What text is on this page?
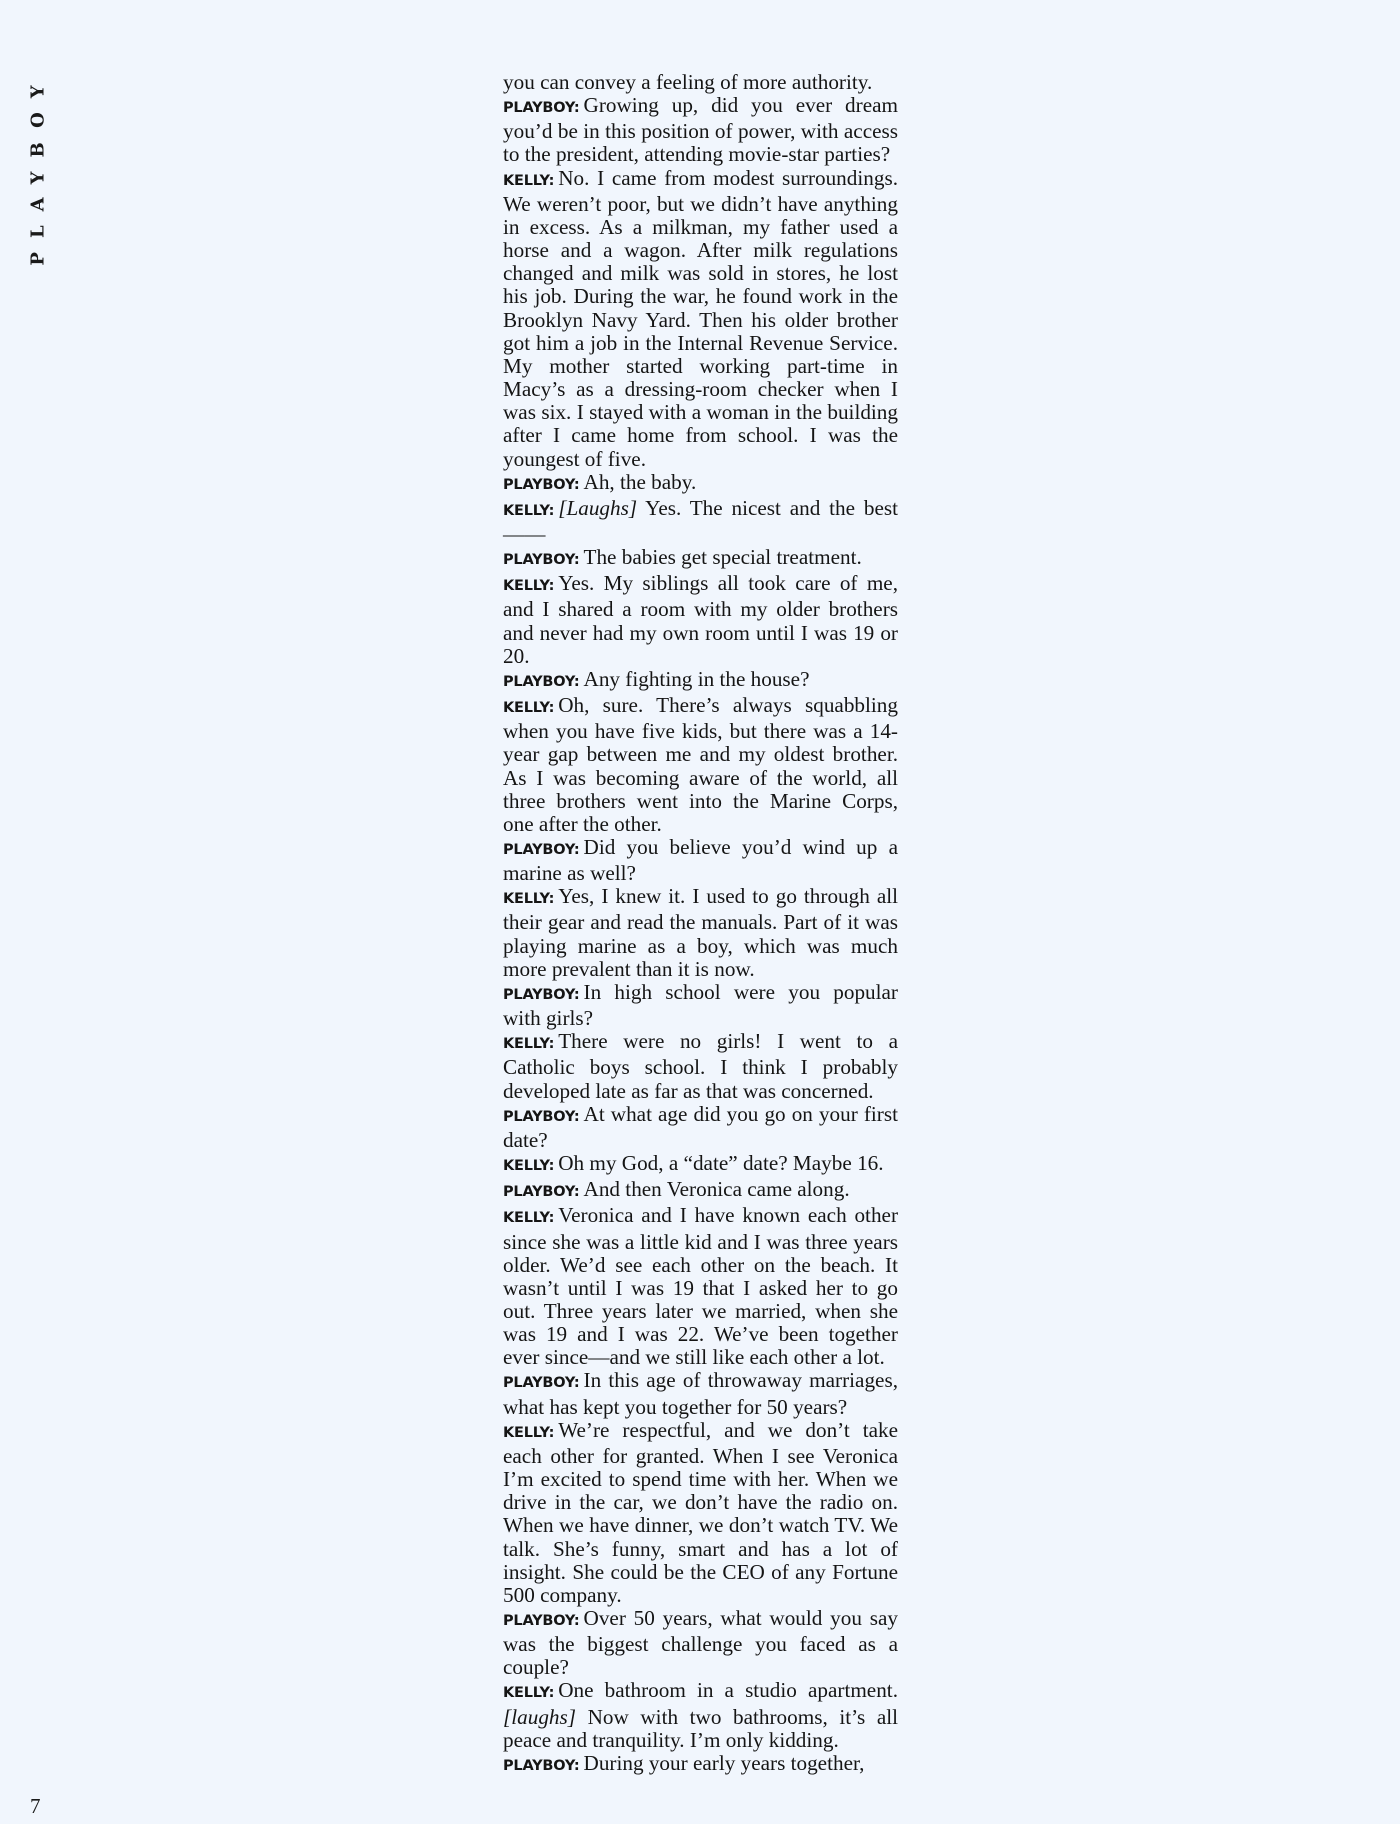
PLAYBOY
7

you can convey a feeling of more authority.

PLAYBOY: Growing up, did you ever dream you’d be in this position of power, with access to the president, attending movie-star parties?

KELLY: No. I came from modest surroundings. We weren’t poor, but we didn’t have anything in excess. As a milkman, my father used a horse and a wagon. After milk regulations changed and milk was sold in stores, he lost his job. During the war, he found work in the Brooklyn Navy Yard. Then his older brother got him a job in the Internal Revenue Service. My mother started working part-time in Macy’s as a dressing-room checker when I was six. I stayed with a woman in the building after I came home from school. I was the youngest of five.

PLAYBOY: Ah, the baby.

KELLY: [Laughs] Yes. The nicest and the best——

PLAYBOY: The babies get special treatment.

KELLY: Yes. My siblings all took care of me, and I shared a room with my older brothers and never had my own room until I was 19 or 20.

PLAYBOY: Any fighting in the house?

KELLY: Oh, sure. There’s always squabbling when you have five kids, but there was a 14-year gap between me and my oldest brother. As I was becoming aware of the world, all three brothers went into the Marine Corps, one after the other.

PLAYBOY: Did you believe you’d wind up a marine as well?

KELLY: Yes, I knew it. I used to go through all their gear and read the manuals. Part of it was playing marine as a boy, which was much more prevalent than it is now.

PLAYBOY: In high school were you popular with girls?

KELLY: There were no girls! I went to a Catholic boys school. I think I probably developed late as far as that was concerned.

PLAYBOY: At what age did you go on your first date?

KELLY: Oh my God, a “date” date? Maybe 16.

PLAYBOY: And then Veronica came along.

KELLY: Veronica and I have known each other since she was a little kid and I was three years older. We’d see each other on the beach. It wasn’t until I was 19 that I asked her to go out. Three years later we married, when she was 19 and I was 22. We’ve been together ever since—and we still like each other a lot.

PLAYBOY: In this age of throwaway marriages, what has kept you together for 50 years?

KELLY: We’re respectful, and we don’t take each other for granted. When I see Veronica I’m excited to spend time with her. When we drive in the car, we don’t have the radio on. When we have dinner, we don’t watch TV. We talk. She’s funny, smart and has a lot of insight. She could be the CEO of any Fortune 500 company.

PLAYBOY: Over 50 years, what would you say was the biggest challenge you faced as a couple?

KELLY: One bathroom in a studio apartment. [laughs] Now with two bathrooms, it’s all peace and tranquility. I’m only kidding.

PLAYBOY: During your early years together,
